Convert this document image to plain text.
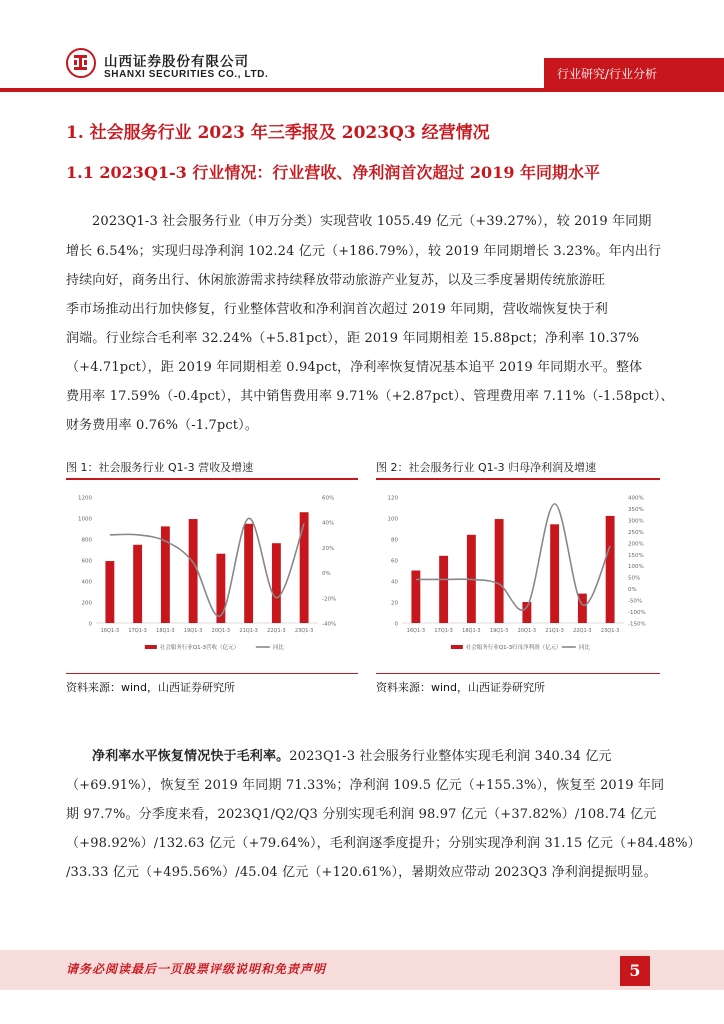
山西证券股份有限公司
SHANXI SECURITIES CO., LTD.	行业研究/行业分析
1. 社会服务行业 2023 年三季报及 2023Q3 经营情况
1.1 2023Q1-3 行业情况：行业营收、净利润首次超过 2019 年同期水平
2023Q1-3 社会服务行业（申万分类）实现营收 1055.49 亿元（+39.27%），较 2019 年同期
增长 6.54%；实现归母净利润 102.24 亿元（+186.79%），较 2019 年同期增长 3.23%。年内出行
持续向好，商务出行、休闲旅游需求持续释放带动旅游产业复苏，以及三季度暑期传统旅游旺
季市场推动出行加快修复，行业整体营收和净利润首次超过 2019 年同期，营收端恢复快于利
润端。行业综合毛利率 32.24%（+5.81pct），距 2019 年同期相差 15.88pct；净利率 10.37%
（+4.71pct），距 2019 年同期相差 0.94pct，净利率恢复情况基本追平 2019 年同期水平。整体
费用率 17.59%（-0.4pct），其中销售费用率 9.71%（+2.87pct）、管理费用率 7.11%（-1.58pct）、
财务费用率 0.76%（-1.7pct）。
图 1：社会服务行业 Q1-3 营收及增速
0
200
400
600
800
1000
1200
-40%
-20%
0%
20%
40%
60%
16Q1-3 17Q1-3 18Q1-3 19Q1-3 20Q1-3 21Q1-3 22Q1-3 23Q1-3
社会服务行业Q1-3营收（亿元）	同比
资料来源：wind，山西证券研究所
图 2：社会服务行业 Q1-3 归母净利润及增速
0
20
40
60
80
100
120
-150%
-100%
-50%
0%
50%
100%
150%
200%
250%
300%
350%
400%
16Q1-3 17Q1-3 18Q1-3 19Q1-3 20Q1-3 21Q1-3 22Q1-3 23Q1-3
社会服务行业Q1-3归母净利润（亿元）	同比
资料来源：wind，山西证券研究所
净利率水平恢复情况快于毛利率。2023Q1-3 社会服务行业整体实现毛利润 340.34 亿元
（+69.91%），恢复至 2019 年同期 71.33%；净利润 109.5 亿元（+155.3%），恢复至 2019 年同
期 97.7%。分季度来看，2023Q1/Q2/Q3 分别实现毛利润 98.97 亿元（+37.82%）/108.74 亿元
（+98.92%）/132.63 亿元（+79.64%），毛利润逐季度提升；分别实现净利润 31.15 亿元（+84.48%）
/33.33 亿元（+495.56%）/45.04 亿元（+120.61%），暑期效应带动 2023Q3 净利润提振明显。
请务必阅读最后一页股票评级说明和免责声明	5
